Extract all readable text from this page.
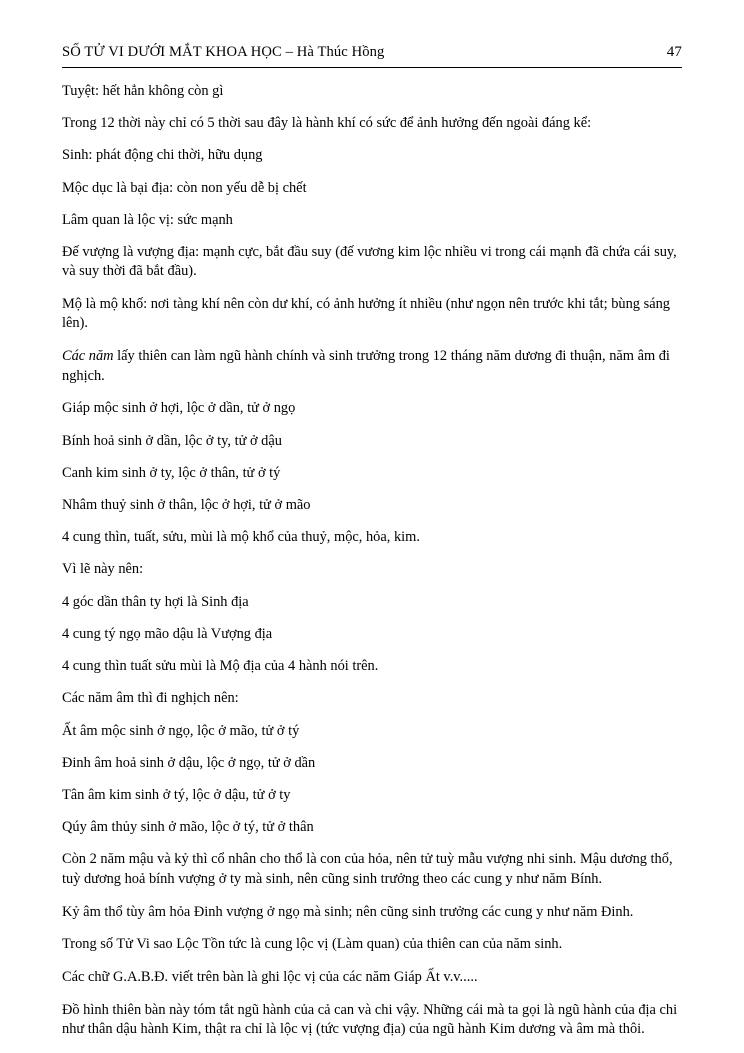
SỐ TỬ VI DƯỚI MẮT KHOA HỌC – Hà Thúc Hồng	47

Tuyệt: hết hẳn không còn gì

Trong 12 thời này chỉ có 5 thời sau đây là hành khí có sức để ảnh hưởng đến ngoài đáng kể:

Sinh: phát động chi thời, hữu dụng

Mộc dục là bại địa: còn non yếu dễ bị chết

Lâm quan là lộc vị: sức mạnh

Đế vượng là vượng địa: mạnh cực, bắt đầu suy (đế vương kim lộc nhiều vi trong cái mạnh đã chứa cái suy, và suy thời đã bắt đầu).

Mộ là mộ khố: nơi tàng khí nên còn dư khí, có ảnh hưởng ít nhiều (như ngọn nên trước khi tắt; bùng sáng lên).

Các năm lấy thiên can làm ngũ hành chính và sinh trưởng trong 12 tháng năm dương đi thuận, năm âm đi nghịch.

Giáp mộc sinh ở hợi, lộc ở dần, tử ở ngọ

Bính hoả sinh ở dần, lộc ở ty, tử ở dậu

Canh kim sinh ở ty, lộc ở thân, tử ở tý

Nhâm thuỷ sinh ở thân, lộc ở hợi, tử ở mão

4 cung thìn, tuất, sửu, mùi là mộ khổ của thuỷ, mộc, hỏa, kim.

Vì lẽ này nên:

4 góc dần thân ty hợi là Sinh địa

4 cung tý ngọ mão dậu là Vượng địa

4 cung thìn tuất sửu mùi là Mộ địa của 4 hành nói trên.

Các năm âm thì đi nghịch nên:

Ất âm mộc sinh ở ngọ, lộc ở mão, tử ở tý

Đinh âm hoả sinh ở dậu, lộc ở ngọ, tử ở dần

Tân âm kim sinh ở tý, lộc ở dậu, tử ở ty

Qúy âm thủy sinh ở mão, lộc ở tý, tử ở thân

Còn 2 năm mậu và kỷ thì cổ nhân cho thổ là con của hỏa, nên tử tuỳ mẫu vượng nhi sinh. Mậu dương thổ, tuỳ dương hoả bính vượng ở ty mà sinh, nên cũng sinh trưởng theo các cung y như năm Bính.

Kỷ âm thổ tùy âm hỏa Đinh vượng ở ngọ mà sinh; nên cũng sinh trưởng các cung y như năm Đinh.

Trong số Tử Vi sao Lộc Tồn tức là cung lộc vị (Làm quan) của thiên can của năm sinh.

Các chữ G.A.B.Đ. viết trên bàn là ghi lộc vị của các năm Giáp Ất v.v.....

Đồ hình thiên bàn này tóm tắt ngũ hành của cả can và chi vậy. Những cái mà ta gọi là ngũ hành của địa chi như thân dậu hành Kim, thật ra chỉ là lộc vị (tức vượng địa) của ngũ hành Kim dương và âm mà thôi.
